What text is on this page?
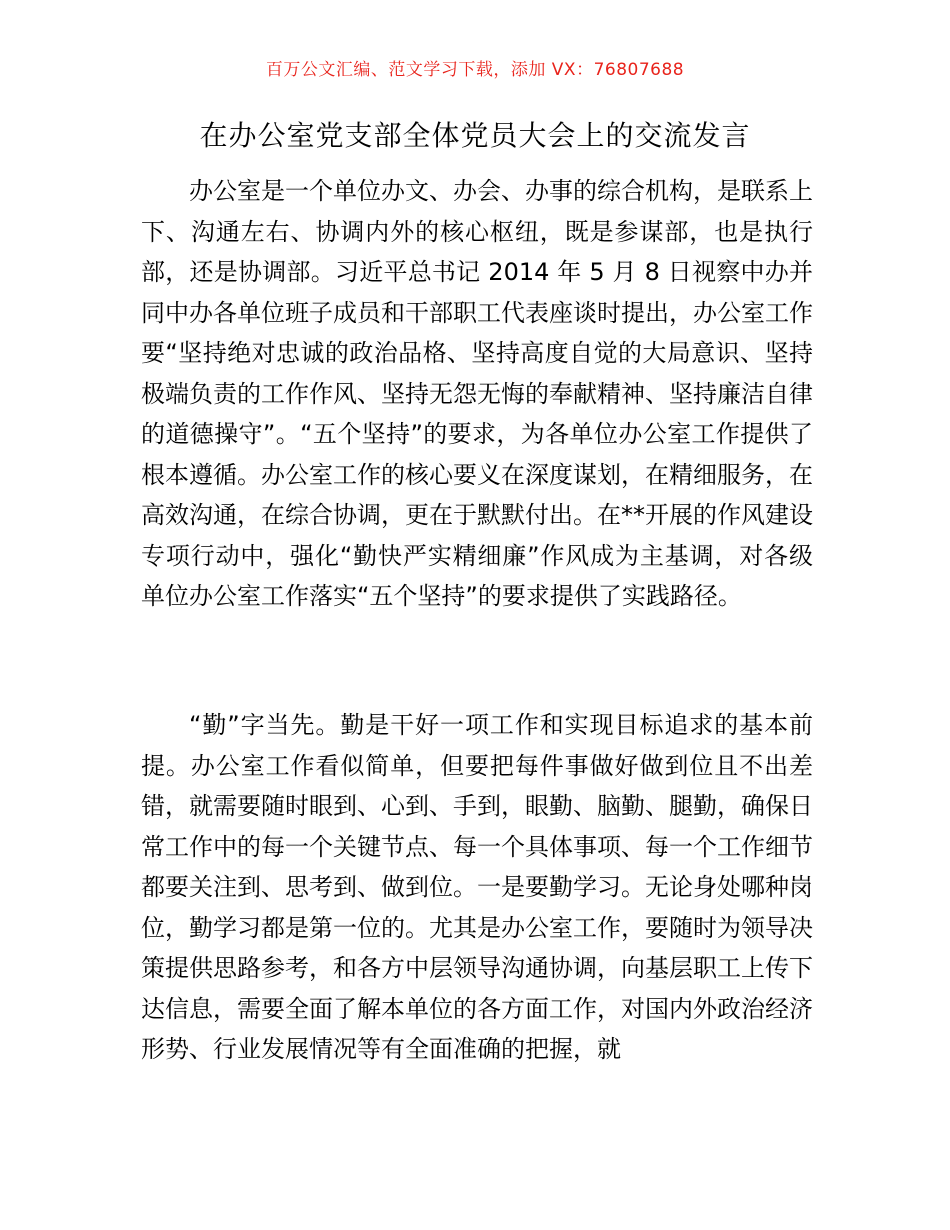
百万公文汇编、范文学习下载，添加 VX：76807688
在办公室党支部全体党员大会上的交流发言

办公室是一个单位办文、办会、办事的综合机构，是联系上下、沟通左右、协调内外的核心枢纽，既是参谋部，也是执行部，还是协调部。习近平总书记 2014 年 5 月 8 日视察中办并同中办各单位班子成员和干部职工代表座谈时提出，办公室工作要“坚持绝对忠诚的政治品格、坚持高度自觉的大局意识、坚持极端负责的工作作风、坚持无怨无悔的奉献精神、坚持廉洁自律的道德操守”。“五个坚持”的要求，为各单位办公室工作提供了根本遵循。办公室工作的核心要义在深度谋划，在精细服务，在高效沟通，在综合协调，更在于默默付出。在**开展的作风建设专项行动中，强化“勤快严实精细廉”作风成为主基调，对各级单位办公室工作落实“五个坚持”的要求提供了实践路径。

“勤”字当先。勤是干好一项工作和实现目标追求的基本前提。办公室工作看似简单，但要把每件事做好做到位且不出差错，就需要随时眼到、心到、手到，眼勤、脑勤、腿勤，确保日常工作中的每一个关键节点、每一个具体事项、每一个工作细节都要关注到、思考到、做到位。一是要勤学习。无论身处哪种岗位，勤学习都是第一位的。尤其是办公室工作，要随时为领导决策提供思路参考，和各方中层领导沟通协调，向基层职工上传下达信息，需要全面了解本单位的各方面工作，对国内外政治经济形势、行业发展情况等有全面准确的把握，就
